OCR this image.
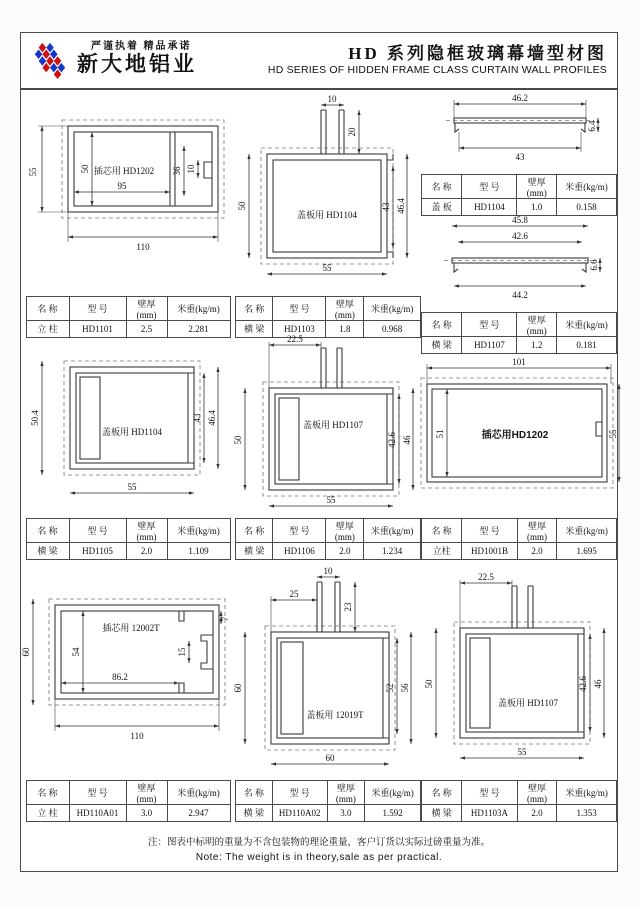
严谨执着 精品承诺
新大地铝业	HD 系列隐框玻璃幕墙型材图
HD SERIES OF HIDDEN FRAME CLASS CURTAIN WALL PROFILES
55	50
95
110
36 10
插芯用 HD1202
名 称	型 号	壁厚(mm)	米重(kg/m)
立 柱	HD1101	2.5	2.281
10
20
50	43 46.4
55
盖板用 HD1104
名 称	型 号	壁厚(mm)	米重(kg/m)
横 梁	HD1103	1.8	0.968
46.2
43
6.4
名 称	型 号	壁厚(mm)	米重(kg/m)
盖 板	HD1104	1.0	0.158
45.8
42.6
44.2
6.6
名 称	型 号	壁厚(mm)	米重(kg/m)
横 梁	HD1107	1.2	0.181
50.4	43 46.4
55
盖板用 HD1104
名 称	型 号	壁厚(mm)	米重(kg/m)
横 梁	HD1105	2.0	1.109
22.5
50	42.6 46
55
盖板用 HD1107
名 称	型 号	壁厚(mm)	米重(kg/m)
横 梁	HD1106	2.0	1.234
101
51	55
插芯用HD1202
名 称	型 号	壁厚(mm)	米重(kg/m)
立柱	HD1001B	2.0	1.695
60	54
86.2
110
7
15
插芯用 12002T
名 称	型 号	壁厚(mm)	米重(kg/m)
立 柱	HD110A01	3.0	2.947
10
25
23
60	52 56
60
盖板用 12019T
名 称	型 号	壁厚(mm)	米重(kg/m)
横 梁	HD110A02	3.0	1.592
22.5
50	42.6 46
55
盖板用 HD1107
名 称	型 号	壁厚(mm)	米重(kg/m)
横 梁	HD1103A	2.0	1.353
注：图表中标明的重量为不含包装物的理论重量，客户订货以实际过磅重量为准。
Note: The weight is in theory,sale as per practical.
